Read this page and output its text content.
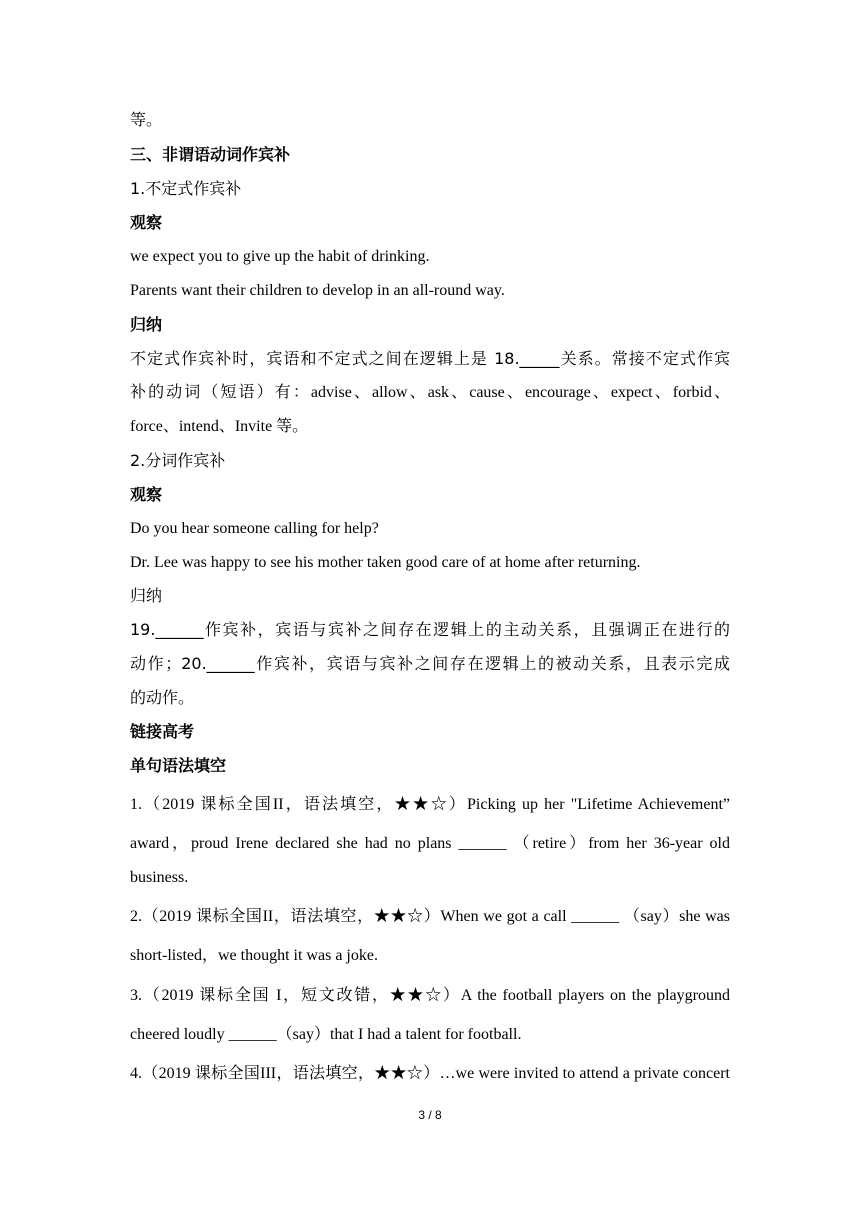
等。
三、非谓语动词作宾补
1.不定式作宾补
观察
we expect you to give up the habit of drinking.
Parents want their children to develop in an all-round way.
归纳
不定式作宾补时，宾语和不定式之间在逻辑上是 18._____关系。常接不定式作宾
补的动词（短语）有：advise、allow、ask、cause、encourage、expect、forbid、
force、intend、Invite 等。
2.分词作宾补
观察
Do you hear someone calling for help?
Dr. Lee was happy to see his mother taken good care of at home after returning.
归纳
19.______作宾补，宾语与宾补之间存在逻辑上的主动关系，且强调正在进行的
动作；20.______作宾补，宾语与宾补之间存在逻辑上的被动关系，且表示完成
的动作。
链接高考
单句语法填空
1.（2019 课标全国II，语法填空，★★☆）Picking up her "Lifetime Achievement”
award，proud Irene declared she had no plans ______ （retire）from her 36-year old
business.
2.（2019 课标全国II，语法填空，★★☆）When we got a call ______ （say）she was
short-listed，we thought it was a joke.
3.（2019 课标全国 I，短文改错，★★☆）A the football players on the playground
cheered loudly ______（say）that I had a talent for football.
4.（2019 课标全国III，语法填空，★★☆）…we were invited to attend a private concert
3 / 8
